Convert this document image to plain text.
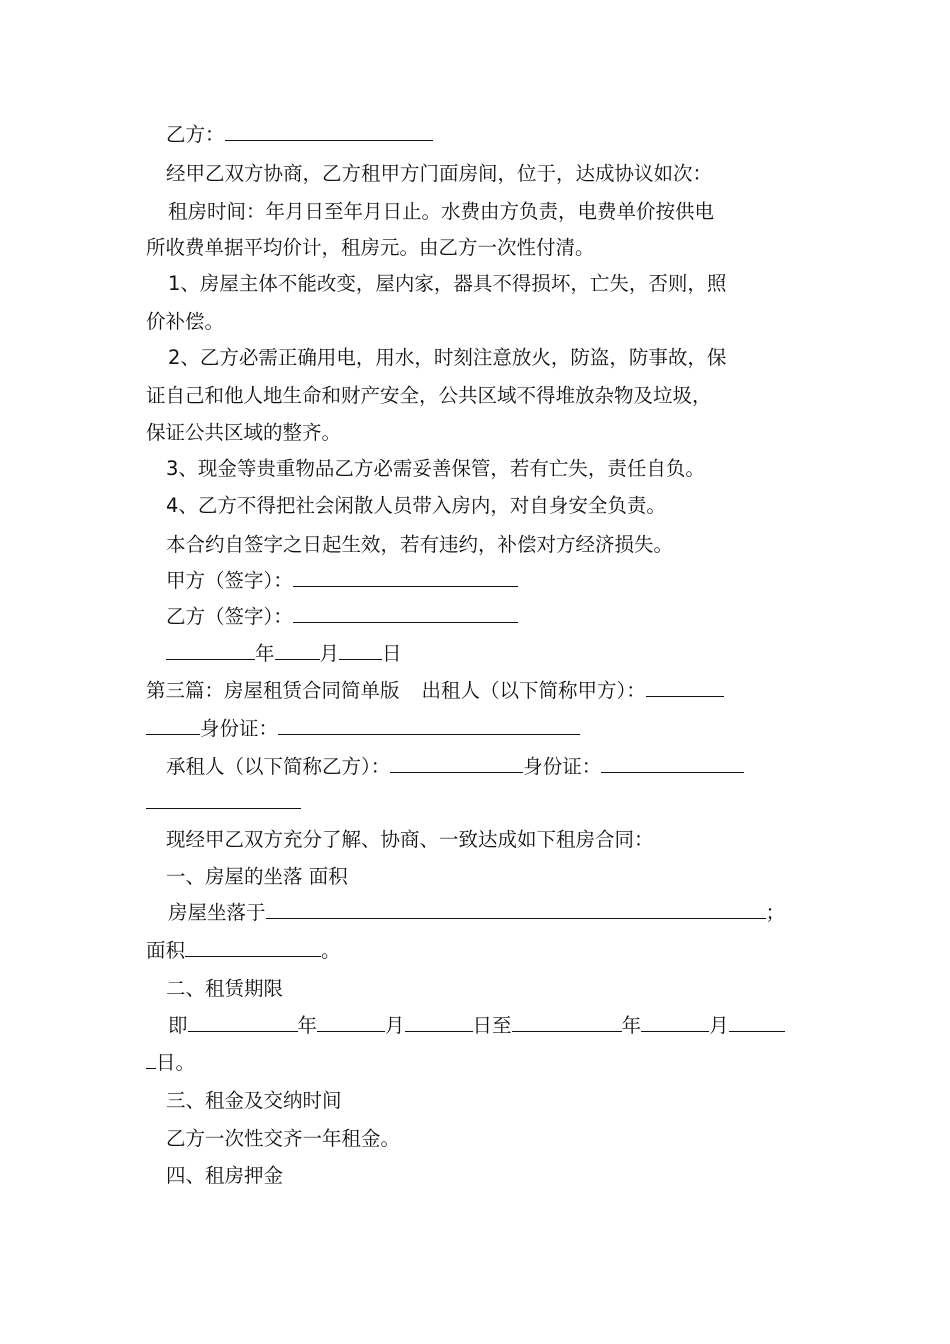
乙方：
经甲乙双方协商，乙方租甲方门面房间，位于，达成协议如次：
租房时间：年月日至年月日止。水费由方负责，电费单价按供电
所收费单据平均价计，租房元。由乙方一次性付清。
1、房屋主体不能改变，屋内家，器具不得损坏，亡失，否则，照
价补偿。
2、乙方必需正确用电，用水，时刻注意放火，防盗，防事故，保
证自己和他人地生命和财产安全，公共区域不得堆放杂物及垃圾，
保证公共区域的整齐。
3、现金等贵重物品乙方必需妥善保管，若有亡失，责任自负。
4、乙方不得把社会闲散人员带入房内，对自身安全负责。
本合约自签字之日起生效，若有违约，补偿对方经济损失。
甲方（签字）：
乙方（签字）：
年 月 日
第三篇：房屋租赁合同简单版 出租人（以下简称甲方）：
身份证：
承租人（以下简称乙方）：	身份证：
现经甲乙双方充分了解、协商、一致达成如下租房合同：
一、房屋的坐落 面积
房屋坐落于	；
面积	。
二、租赁期限
即	年	月	日至	年	月
日。
三、租金及交纳时间
乙方一次性交齐一年租金。
四、租房押金
